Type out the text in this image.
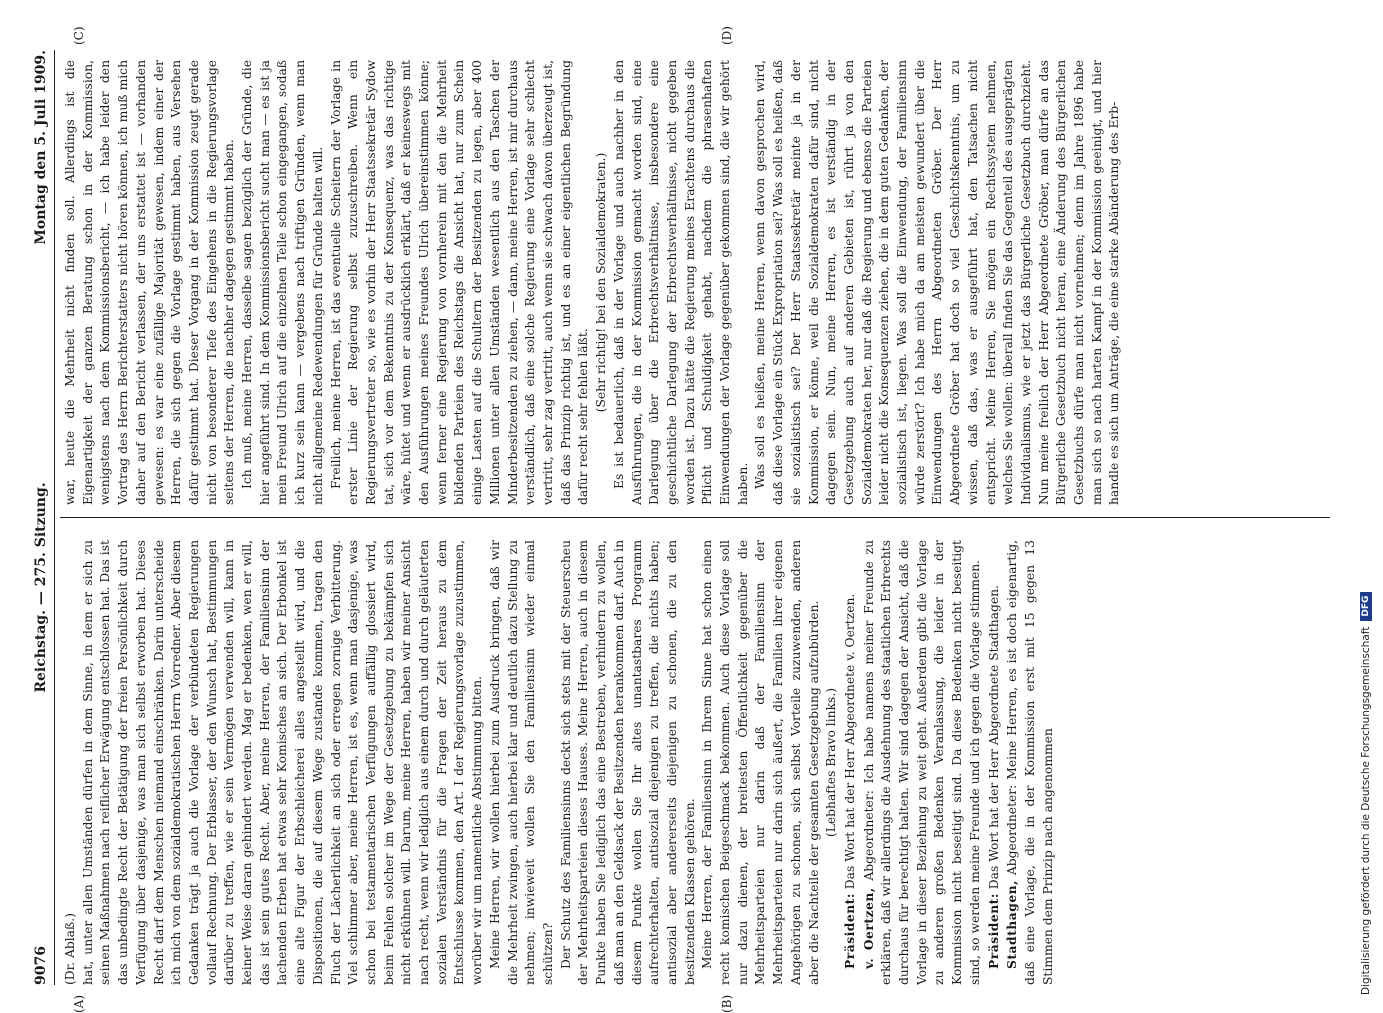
9076
Reichstag. — 275. Sitzung.
Montag den 5. Juli 1909.
(A)	(B)
(C)	(D)

(Dr. Ablaß.) hat, unter allen Umständen dürfen in dem Sinne, in dem er sich zu seinen Maßnahmen nach reiflicher Erwägung entschlossen hat. Das ist das unbedingte Recht der Betätigung der freien Persönlichkeit durch Verfügung über dasjenige, was man sich selbst erworben hat. Dieses Recht darf dem Menschen niemand einschränken. Darin unterscheide ich mich von dem sozialdemokratischen Herrn Vorredner. Aber diesem Gedanken trägt ja auch die Vorlage der verbündeten Regierungen vollauf Rechnung. Der Erblasser, der den Wunsch hat, Bestimmungen darüber zu treffen, wie er sein Vermögen verwenden will, kann in keiner Weise daran gehindert werden. Mag er bedenken, wen er will, das ist sein gutes Recht. Aber, meine Herren, der Familiensinn der lachenden Erben hat etwas sehr Komisches an sich. Der Erbonkel ist eine alte Figur der Erbschleicherei alles angestellt wird, und die Dispositionen, die auf diesem Wege zustande kommen, tragen den Fluch der Lächerlichkeit an sich oder erregen zornige Verbitterung. Viel schlimmer aber, meine Herren, ist es, wenn man dasjenige, was schon bei testamentarischen Verfügungen auffällig glossiert wird, beim Fehlen solcher im Wege der Gesetzgebung zu bekämpfen sich nicht erkühnen will. Darum, meine Herren, haben wir meiner Ansicht nach recht, wenn wir lediglich aus einem durch und durch geläuterten sozialen Verständnis für die Fragen der Zeit heraus zu dem Entschlusse kommen, den Art. I der Regierungsvorlage zuzustimmen, worüber wir um namentliche Abstimmung bitten. Meine Herren, wir wollen hierbei zum Ausdruck bringen, daß wir die Mehrheit zwingen, auch hierbei klar und deutlich dazu Stellung zu nehmen; inwieweit wollen Sie den Familiensinn wieder einmal schützen? Der Schutz des Familiensinns deckt sich stets mit der Steuerscheu der Mehrheitsparteien dieses Hauses. Meine Herren, auch in diesem Punkte haben Sie lediglich das eine Bestreben, verhindern zu wollen, daß man an den Geldsack der Besitzenden herankommen darf. Auch in diesem Punkte wollen Sie Ihr altes unantastbares Programm aufrechterhalten, antisozial diejenigen zu treffen, die nichts haben; antisozial aber andererseits diejenigen zu schonen, die zu den besitzenden Klassen gehören. Meine Herren, der Familiensinn in Ihrem Sinne hat schon einen recht komischen Beigeschmack bekommen. Auch diese Vorlage soll nur dazu dienen, der breitesten Öffentlichkeit gegenüber die Mehrheitsparteien nur darin daß der Familiensinn der Mehrheitsparteien nur darin sich äußert, die Familien ihrer eigenen Angehörigen zu schonen, sich selbst Vorteile zuzuwenden, anderen aber die Nachteile der gesamten Gesetzgebung aufzubürden. (Lebhaftes Bravo links.)

Präsident: Das Wort hat der Herr Abgeordnete v. Oertzen.

v. Oertzen, Abgeordneter: Ich habe namens meiner Freunde zu erklären, daß wir allerdings die Ausdehnung des staatlichen Erbrechts durchaus für berechtigt halten. Wir sind dagegen der Ansicht, daß die Vorlage in dieser Beziehung zu weit geht. Außerdem gibt die Vorlage zu anderen großen Bedenken Veranlassung, die leider in der Kommission nicht beseitigt sind. Da diese Bedenken nicht beseitigt sind, so werden meine Freunde und ich gegen die Vorlage stimmen. Präsident: Das Wort hat der Herr Abgeordnete Stadthagen.

Stadthagen, Abgeordneter: Meine Herren, es ist doch eigenartig, daß eine Vorlage, die in der Kommission erst mit 15 gegen 13 Stimmen dem Prinzip nach angenommen

war, heute die Mehrheit nicht finden soll. Allerdings ist die Eigenartigkeit der ganzen Beratung schon in der Kommission, wenigstens nach dem Kommissionsbericht, — ich habe leider den Vortrag des Herrn Berichterstatters nicht hören können, ich muß mich daher auf den Bericht verlassen, der uns erstattet ist — vorhanden gewesen: es war eine zufällige Majorität gewesen, indem einer der Herren, die sich gegen die Vorlage gestimmt haben, aus Versehen dafür gestimmt hat. Dieser Vorgang in der Kommission zeugt gerade nicht von besonderer Tiefe des Eingehens in die Regierungsvorlage seitens der Herren, die nachher dagegen gestimmt haben. Ich muß, meine Herren, dasselbe sagen bezüglich der Gründe, die hier angeführt sind. In dem Kommissionsbericht sucht man — es ist ja mein Freund Ulrich auf die einzelnen Teile schon eingegangen, sodaß ich kurz sein kann — vergebens nach triftigen Gründen, wenn man nicht allgemeine Redewendungen für Gründe halten will. Freilich, meine Herren, ist das eventuelle Scheitern der Vorlage in erster Linie der Regierung selbst zuzuschreiben. Wenn ein Regierungsvertreter so, wie es vorhin der Herr Staatssekretär Sydow tat, sich vor dem Bekenntnis zu der Konsequenz, was das richtige wäre, hütet und wenn er ausdrücklich erklärt, daß er keineswegs mit den Ausführungen meines Freundes Ulrich übereinstimmen könne; wenn ferner eine Regierung von vornherein mit den die Mehrheit bildenden Parteien des Reichstags die Ansicht hat, nur zum Schein einige Lasten auf die Schultern der Besitzenden zu legen, aber 400 Millionen unter allen Umständen wesentlich aus den Taschen der Minderbesitzenden zu ziehen, — dann, meine Herren, ist mir durchaus verständlich, daß eine solche Regierung eine Vorlage sehr schlecht vertritt, sehr zag vertritt, auch wenn sie schwach davon überzeugt ist, daß das Prinzip richtig ist, und es an einer eigentlichen Begründung dafür recht sehr fehlen läßt.

(Sehr richtig! bei den Sozialdemokraten.) Es ist bedauerlich, daß in der Vorlage und auch nachher in den Ausführungen, die in der Kommission gemacht worden sind, eine Darlegung über die Erbrechtsverhältnisse, insbesondere eine geschichtliche Darlegung der Erbrechtsverhältnisse, nicht gegeben worden ist. Dazu hätte die Regierung meines Erachtens durchaus die Pflicht und Schuldigkeit gehabt, nachdem die phrasenhaften Einwendungen der Vorlage gegenüber gekommen sind, die wir gehört haben. Was soll es heißen, meine Herren, wenn davon gesprochen wird, daß diese Vorlage ein Stück Expropriation sei? Was soll es heißen, daß sie sozialistisch sei? Der Herr Staatssekretär meinte ja in der Kommission, er könne, weil die Sozialdemokraten dafür sind, nicht dagegen sein. Nun, meine Herren, es ist verständig in der Gesetzgebung auch auf anderen Gebieten ist, rührt ja von den Sozialdemokraten her, nur daß die Regierung und ebenso die Parteien leider nicht die Konsequenzen ziehen, die in dem guten Gedanken, der sozialistisch ist, liegen. Was soll die Einwendung, der Familiensinn würde zerstört? Ich habe mich da am meisten gewundert über die Einwendungen des Herrn Abgeordneten Gröber. Der Herr Abgeordnete Gröber hat doch so viel Geschichtskenntnis, um zu wissen, daß das, was er ausgeführt hat, den Tatsachen nicht entspricht. Meine Herren, Sie mögen ein Rechtssystem nehmen, welches Sie wollen: überall finden Sie das Gegenteil des ausgeprägten Individualismus, wie er jetzt das Bürgerliche Gesetzbuch durchzieht. Nun meine freilich der Herr Abgeordnete Gröber, man dürfe an das Bürgerliche Gesetzbuch nicht heran, eine Änderung des Bürgerlichen Gesetzbuchs dürfe man nicht vornehmen; denn im Jahre 1896 habe man sich so nach harten Kampf in der Kommission geeinigt, und hier handle es sich um Anträge, die eine starke Abänderung des Erb-

Digitalisierung gefördert durch die Deutsche Forschungsgemeinschaft
DFG
